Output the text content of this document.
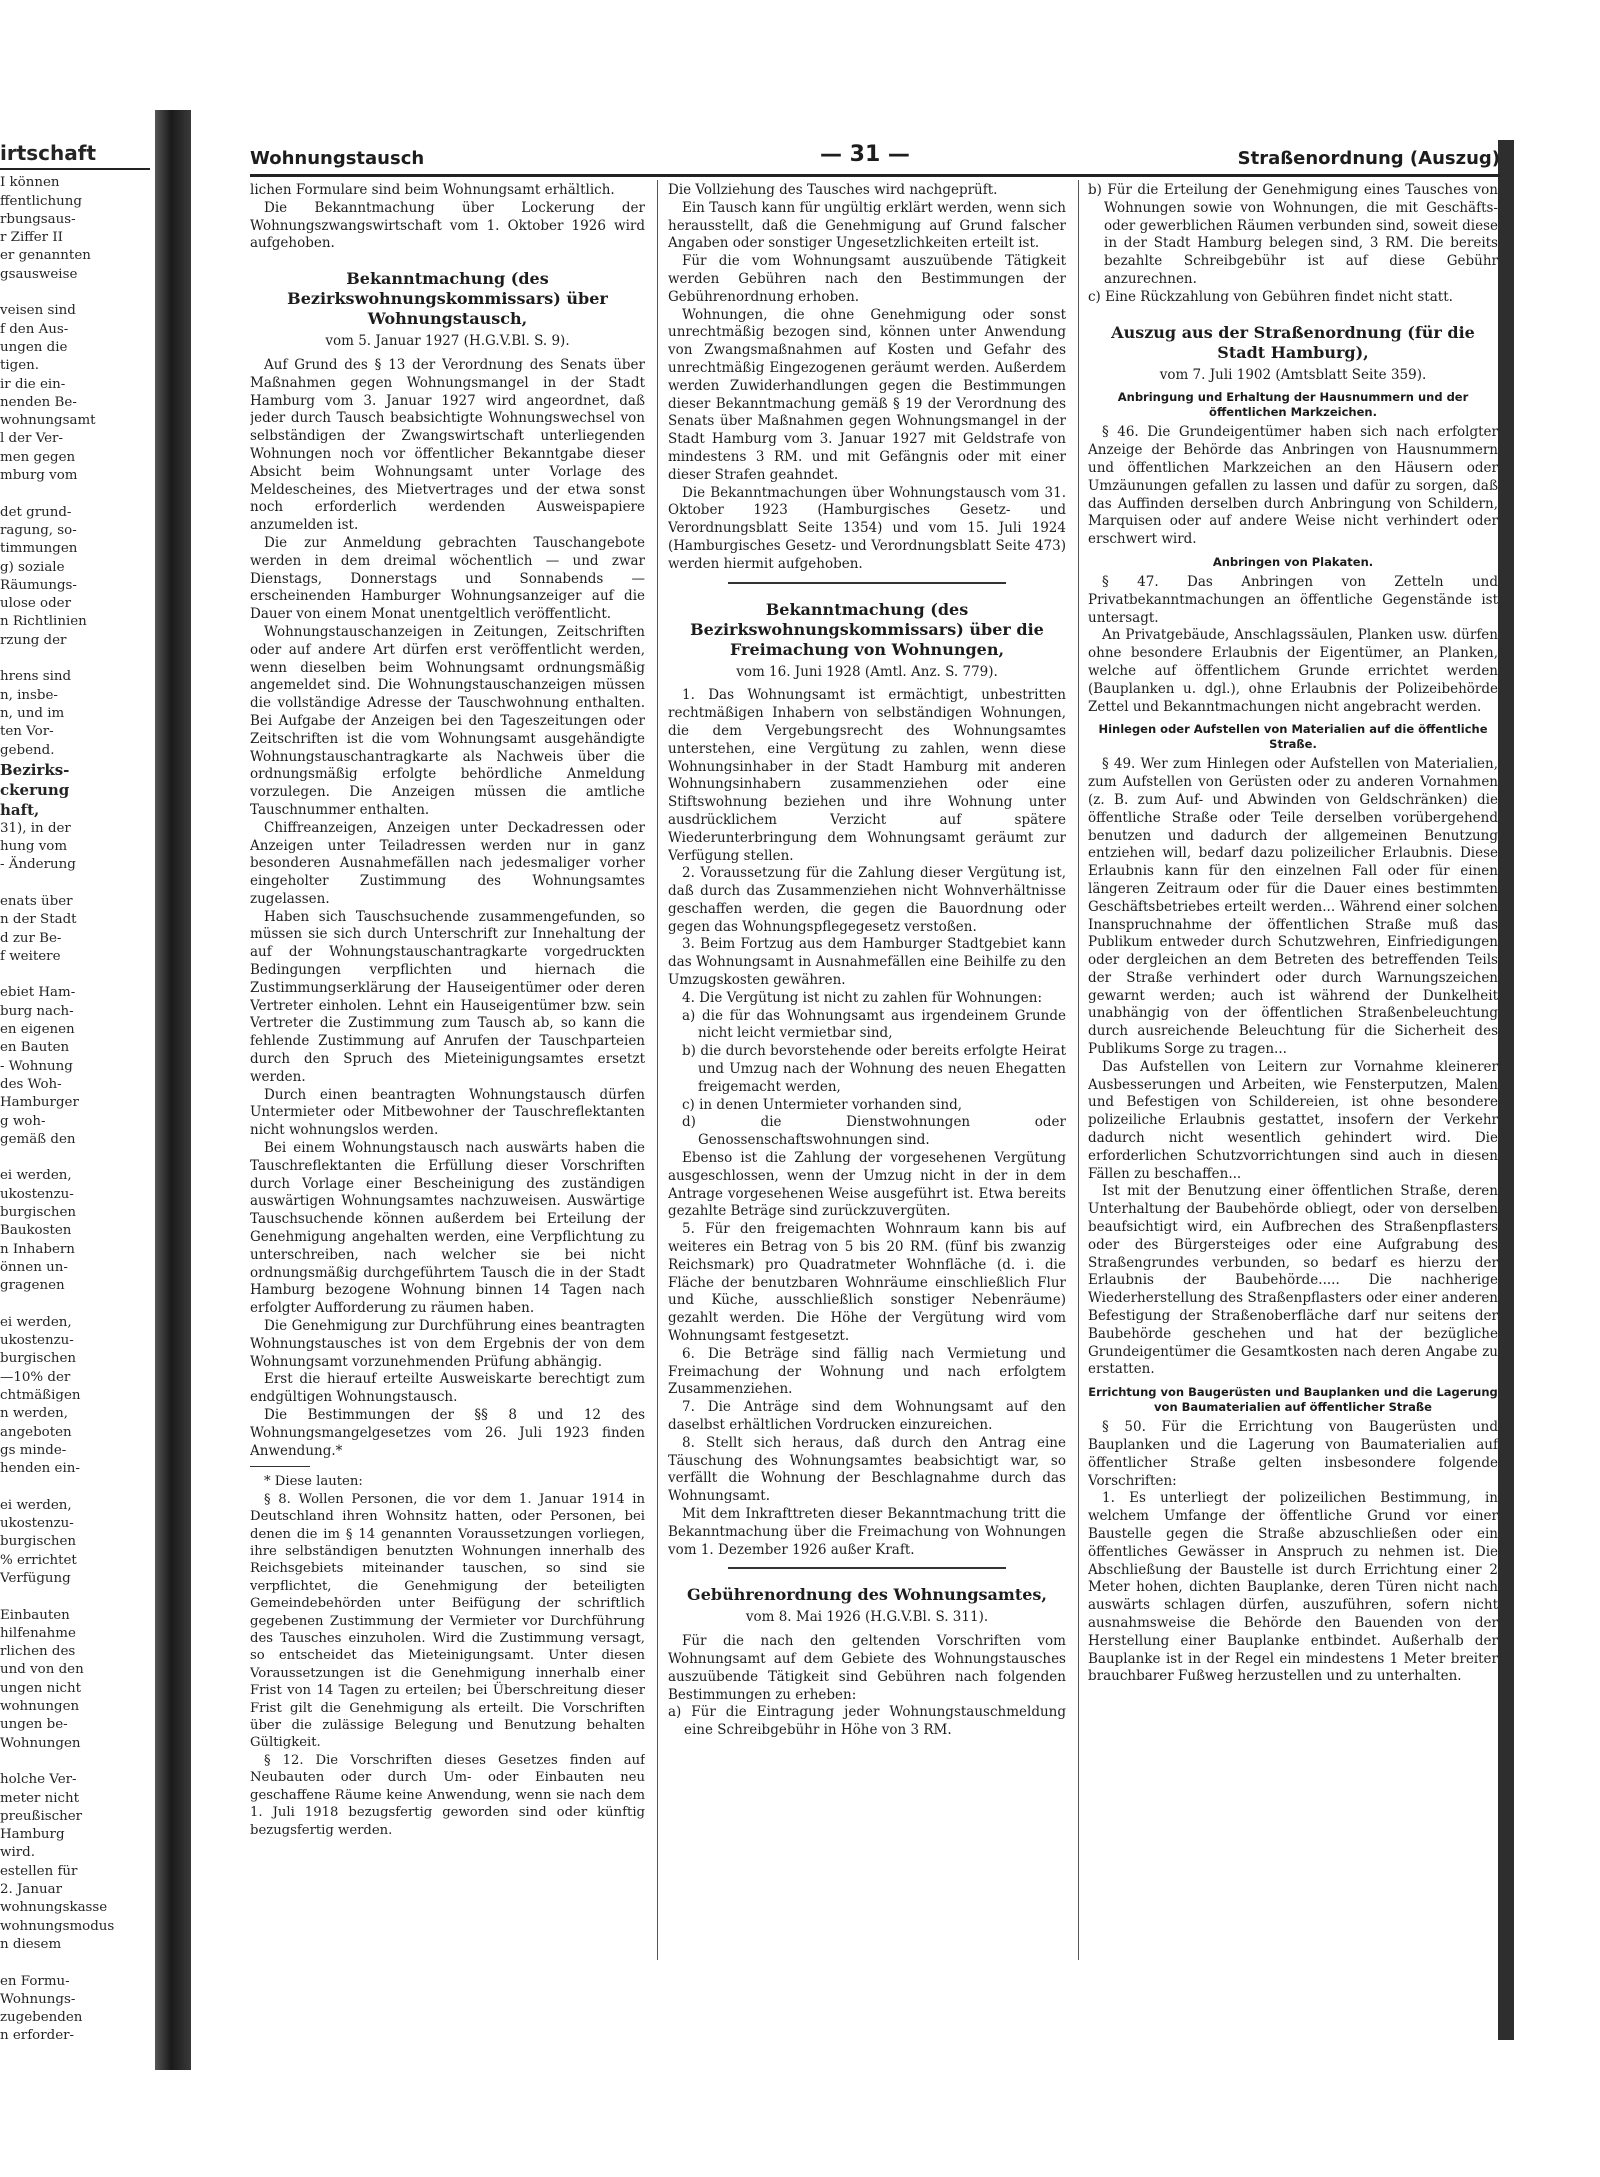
irtschaft
I können
ffentlichung
rbungsaus-
r Ziffer II
er genannten
gsausweise

veisen sind
f den Aus-
ungen die
tigen.
ir die ein-
nenden Be-
wohnungsamt
l der Ver-
men gegen
mburg vom

det grund-
ragung, so-
timmungen
g) soziale
Räumungs-
ulose oder
n Richtlinien
rzung der

hrens sind
n, insbe-
n, und im
ten Vor-
gebend.
Bezirks-
ckerung
haft,
31), in der
hung vom
- Änderung

enats über
n der Stadt
d zur Be-
f weitere

ebiet Ham-
burg nach-
en eigenen
en Bauten
- Wohnung
des Woh-
Hamburger
g woh-
gemäß den

ei werden,
ukostenzu-
burgischen
Baukosten
n Inhabern
önnen un-
gragenen

ei werden,
ukostenzu-
burgischen
—10% der
chtmäßigen
n werden,
angeboten
gs minde-
henden ein-

ei werden,
ukostenzu-
burgischen
% errichtet
Verfügung

Einbauten
hilfenahme
rlichen des
und von den
ungen nicht
wohnungen
ungen be-
Wohnungen

holche Ver-
meter nicht
preußischer
Hamburg
wird.
estellen für
2. Januar
wohnungskasse
wohnungsmodus
n diesem

en Formu-
Wohnungs-
zugebenden
n erforder-
Wohnungstausch	— 31 —	Straßenordnung (Auszug)

lichen Formulare sind beim Wohnungsamt erhältlich.

Die Bekanntmachung über Lockerung der Wohnungszwangswirtschaft vom 1. Oktober 1926 wird aufgehoben.

Bekanntmachung (des Bezirkswohnungskommissars) über Wohnungstausch,
vom 5. Januar 1927 (H.G.V.Bl. S. 9).

Auf Grund des § 13 der Verordnung des Senats über Maßnahmen gegen Wohnungsmangel in der Stadt Hamburg vom 3. Januar 1927 wird angeordnet, daß jeder durch Tausch beabsichtigte Wohnungswechsel von selbständigen der Zwangswirtschaft unterliegenden Wohnungen noch vor öffentlicher Bekanntgabe dieser Absicht beim Wohnungsamt unter Vorlage des Meldescheines, des Mietvertrages und der etwa sonst noch erforderlich werdenden Ausweispapiere anzumelden ist.

Die zur Anmeldung gebrachten Tauschangebote werden in dem dreimal wöchentlich — und zwar Dienstags, Donnerstags und Sonnabends — erscheinenden Hamburger Wohnungsanzeiger auf die Dauer von einem Monat unentgeltlich veröffentlicht.

Wohnungstauschanzeigen in Zeitungen, Zeitschriften oder auf andere Art dürfen erst veröffentlicht werden, wenn dieselben beim Wohnungsamt ordnungsmäßig angemeldet sind. Die Wohnungstauschanzeigen müssen die vollständige Adresse der Tauschwohnung enthalten. Bei Aufgabe der Anzeigen bei den Tageszeitungen oder Zeitschriften ist die vom Wohnungsamt ausgehändigte Wohnungstauschantragkarte als Nachweis über die ordnungsmäßig erfolgte behördliche Anmeldung vorzulegen. Die Anzeigen müssen die amtliche Tauschnummer enthalten.

Chiffreanzeigen, Anzeigen unter Deckadressen oder Anzeigen unter Teiladressen werden nur in ganz besonderen Ausnahmefällen nach jedesmaliger vorher eingeholter Zustimmung des Wohnungsamtes zugelassen.

Haben sich Tauschsuchende zusammengefunden, so müssen sie sich durch Unterschrift zur Innehaltung der auf der Wohnungstauschantragkarte vorgedruckten Bedingungen verpflichten und hiernach die Zustimmungserklärung der Hauseigentümer oder deren Vertreter einholen. Lehnt ein Hauseigentümer bzw. sein Vertreter die Zustimmung zum Tausch ab, so kann die fehlende Zustimmung auf Anrufen der Tauschparteien durch den Spruch des Mieteinigungsamtes ersetzt werden.

Durch einen beantragten Wohnungstausch dürfen Untermieter oder Mitbewohner der Tauschreflektanten nicht wohnungslos werden.

Bei einem Wohnungstausch nach auswärts haben die Tauschreflektanten die Erfüllung dieser Vorschriften durch Vorlage einer Bescheinigung des zuständigen auswärtigen Wohnungsamtes nachzuweisen. Auswärtige Tauschsuchende können außerdem bei Erteilung der Genehmigung angehalten werden, eine Verpflichtung zu unterschreiben, nach welcher sie bei nicht ordnungsmäßig durchgeführtem Tausch die in der Stadt Hamburg bezogene Wohnung binnen 14 Tagen nach erfolgter Aufforderung zu räumen haben.

Die Genehmigung zur Durchführung eines beantragten Wohnungstausches ist von dem Ergebnis der von dem Wohnungsamt vorzunehmenden Prüfung abhängig.

Erst die hierauf erteilte Ausweiskarte berechtigt zum endgültigen Wohnungstausch.

Die Bestimmungen der §§ 8 und 12 des Wohnungsmangelgesetzes vom 26. Juli 1923 finden Anwendung.*

* Diese lauten:

§ 8. Wollen Personen, die vor dem 1. Januar 1914 in Deutschland ihren Wohnsitz hatten, oder Personen, bei denen die im § 14 genannten Voraussetzungen vorliegen, ihre selbständigen benutzten Wohnungen innerhalb des Reichsgebiets miteinander tauschen, so sind sie verpflichtet, die Genehmigung der beteiligten Gemeindebehörden unter Beifügung der schriftlich gegebenen Zustimmung der Vermieter vor Durchführung des Tausches einzuholen. Wird die Zustimmung versagt, so entscheidet das Mieteinigungsamt. Unter diesen Voraussetzungen ist die Genehmigung innerhalb einer Frist von 14 Tagen zu erteilen; bei Überschreitung dieser Frist gilt die Genehmigung als erteilt. Die Vorschriften über die zulässige Belegung und Benutzung behalten Gültigkeit.

§ 12. Die Vorschriften dieses Gesetzes finden auf Neubauten oder durch Um- oder Einbauten neu geschaffene Räume keine Anwendung, wenn sie nach dem 1. Juli 1918 bezugsfertig geworden sind oder künftig bezugsfertig werden.

Die Vollziehung des Tausches wird nachgeprüft.

Ein Tausch kann für ungültig erklärt werden, wenn sich herausstellt, daß die Genehmigung auf Grund falscher Angaben oder sonstiger Ungesetzlichkeiten erteilt ist.

Für die vom Wohnungsamt auszuübende Tätigkeit werden Gebühren nach den Bestimmungen der Gebührenordnung erhoben.

Wohnungen, die ohne Genehmigung oder sonst unrechtmäßig bezogen sind, können unter Anwendung von Zwangsmaßnahmen auf Kosten und Gefahr des unrechtmäßig Eingezogenen geräumt werden. Außerdem werden Zuwiderhandlungen gegen die Bestimmungen dieser Bekanntmachung gemäß § 19 der Verordnung des Senats über Maßnahmen gegen Wohnungsmangel in der Stadt Hamburg vom 3. Januar 1927 mit Geldstrafe von mindestens 3 RM. und mit Gefängnis oder mit einer dieser Strafen geahndet.

Die Bekanntmachungen über Wohnungstausch vom 31. Oktober 1923 (Hamburgisches Gesetz- und Verordnungsblatt Seite 1354) und vom 15. Juli 1924 (Hamburgisches Gesetz- und Verordnungsblatt Seite 473) werden hiermit aufgehoben.

Bekanntmachung (des Bezirkswohnungskommissars) über die Freimachung von Wohnungen,
vom 16. Juni 1928 (Amtl. Anz. S. 779).

1. Das Wohnungsamt ist ermächtigt, unbestritten rechtmäßigen Inhabern von selbständigen Wohnungen, die dem Vergebungsrecht des Wohnungsamtes unterstehen, eine Vergütung zu zahlen, wenn diese Wohnungsinhaber in der Stadt Hamburg mit anderen Wohnungsinhabern zusammenziehen oder eine Stiftswohnung beziehen und ihre Wohnung unter ausdrücklichem Verzicht auf spätere Wiederunterbringung dem Wohnungsamt geräumt zur Verfügung stellen.

2. Voraussetzung für die Zahlung dieser Vergütung ist, daß durch das Zusammenziehen nicht Wohnverhältnisse geschaffen werden, die gegen die Bauordnung oder gegen das Wohnungspflegegesetz verstoßen.

3. Beim Fortzug aus dem Hamburger Stadtgebiet kann das Wohnungsamt in Ausnahmefällen eine Beihilfe zu den Umzugskosten gewähren.

4. Die Vergütung ist nicht zu zahlen für Wohnungen:

a) die für das Wohnungsamt aus irgendeinem Grunde nicht leicht vermietbar sind,
b) die durch bevorstehende oder bereits erfolgte Heirat und Umzug nach der Wohnung des neuen Ehegatten freigemacht werden,
c) in denen Untermieter vorhanden sind,
d) die Dienstwohnungen oder Genossenschaftswohnungen sind.

Ebenso ist die Zahlung der vorgesehenen Vergütung ausgeschlossen, wenn der Umzug nicht in der in dem Antrage vorgesehenen Weise ausgeführt ist. Etwa bereits gezahlte Beträge sind zurückzuvergüten.

5. Für den freigemachten Wohnraum kann bis auf weiteres ein Betrag von 5 bis 20 RM. (fünf bis zwanzig Reichsmark) pro Quadratmeter Wohnfläche (d. i. die Fläche der benutzbaren Wohnräume einschließlich Flur und Küche, ausschließlich sonstiger Nebenräume) gezahlt werden. Die Höhe der Vergütung wird vom Wohnungsamt festgesetzt.

6. Die Beträge sind fällig nach Vermietung und Freimachung der Wohnung und nach erfolgtem Zusammenziehen.

7. Die Anträge sind dem Wohnungsamt auf den daselbst erhältlichen Vordrucken einzureichen.

8. Stellt sich heraus, daß durch den Antrag eine Täuschung des Wohnungsamtes beabsichtigt war, so verfällt die Wohnung der Beschlagnahme durch das Wohnungsamt.

Mit dem Inkrafttreten dieser Bekanntmachung tritt die Bekanntmachung über die Freimachung von Wohnungen vom 1. Dezember 1926 außer Kraft.

Gebührenordnung des Wohnungsamtes,
vom 8. Mai 1926 (H.G.V.Bl. S. 311).

Für die nach den geltenden Vorschriften vom Wohnungsamt auf dem Gebiete des Wohnungstausches auszuübende Tätigkeit sind Gebühren nach folgenden Bestimmungen zu erheben:

a) Für die Eintragung jeder Wohnungstauschmeldung eine Schreibgebühr in Höhe von 3 RM.
b) Für die Erteilung der Genehmigung eines Tausches von Wohnungen sowie von Wohnungen, die mit Geschäfts- oder gewerblichen Räumen verbunden sind, soweit diese in der Stadt Hamburg belegen sind, 3 RM. Die bereits bezahlte Schreibgebühr ist auf diese Gebühr anzurechnen.
c) Eine Rückzahlung von Gebühren findet nicht statt.
Auszug aus der Straßenordnung (für die Stadt Hamburg),
vom 7. Juli 1902 (Amtsblatt Seite 359).
Anbringung und Erhaltung der Hausnummern und der öffentlichen Markzeichen.

§ 46. Die Grundeigentümer haben sich nach erfolgter Anzeige der Behörde das Anbringen von Hausnummern und öffentlichen Markzeichen an den Häusern oder Umzäunungen gefallen zu lassen und dafür zu sorgen, daß das Auffinden derselben durch Anbringung von Schildern, Marquisen oder auf andere Weise nicht verhindert oder erschwert wird.

Anbringen von Plakaten.

§ 47. Das Anbringen von Zetteln und Privatbekanntmachungen an öffentliche Gegenstände ist untersagt.

An Privatgebäude, Anschlagssäulen, Planken usw. dürfen ohne besondere Erlaubnis der Eigentümer, an Planken, welche auf öffentlichem Grunde errichtet werden (Bauplanken u. dgl.), ohne Erlaubnis der Polizeibehörde Zettel und Bekanntmachungen nicht angebracht werden.

Hinlegen oder Aufstellen von Materialien auf die öffentliche Straße.

§ 49. Wer zum Hinlegen oder Aufstellen von Materialien, zum Aufstellen von Gerüsten oder zu anderen Vornahmen (z. B. zum Auf- und Abwinden von Geldschränken) die öffentliche Straße oder Teile derselben vorübergehend benutzen und dadurch der allgemeinen Benutzung entziehen will, bedarf dazu polizeilicher Erlaubnis. Diese Erlaubnis kann für den einzelnen Fall oder für einen längeren Zeitraum oder für die Dauer eines bestimmten Geschäftsbetriebes erteilt werden... Während einer solchen Inanspruchnahme der öffentlichen Straße muß das Publikum entweder durch Schutzwehren, Einfriedigungen oder dergleichen an dem Betreten des betreffenden Teils der Straße verhindert oder durch Warnungszeichen gewarnt werden; auch ist während der Dunkelheit unabhängig von der öffentlichen Straßenbeleuchtung durch ausreichende Beleuchtung für die Sicherheit des Publikums Sorge zu tragen...

Das Aufstellen von Leitern zur Vornahme kleinerer Ausbesserungen und Arbeiten, wie Fensterputzen, Malen und Befestigen von Schildereien, ist ohne besondere polizeiliche Erlaubnis gestattet, insofern der Verkehr dadurch nicht wesentlich gehindert wird. Die erforderlichen Schutzvorrichtungen sind auch in diesen Fällen zu beschaffen...

Ist mit der Benutzung einer öffentlichen Straße, deren Unterhaltung der Baubehörde obliegt, oder von derselben beaufsichtigt wird, ein Aufbrechen des Straßenpflasters oder des Bürgersteiges oder eine Aufgrabung des Straßengrundes verbunden, so bedarf es hierzu der Erlaubnis der Baubehörde..... Die nachherige Wiederherstellung des Straßenpflasters oder einer anderen Befestigung der Straßenoberfläche darf nur seitens der Baubehörde geschehen und hat der bezügliche Grundeigentümer die Gesamtkosten nach deren Angabe zu erstatten.

Errichtung von Baugerüsten und Bauplanken und die Lagerung von Baumaterialien auf öffentlicher Straße

§ 50. Für die Errichtung von Baugerüsten und Bauplanken und die Lagerung von Baumaterialien auf öffentlicher Straße gelten insbesondere folgende Vorschriften:

1. Es unterliegt der polizeilichen Bestimmung, in welchem Umfange der öffentliche Grund vor einer Baustelle gegen die Straße abzuschließen oder ein öffentliches Gewässer in Anspruch zu nehmen ist. Die Abschließung der Baustelle ist durch Errichtung einer 2 Meter hohen, dichten Bauplanke, deren Türen nicht nach auswärts schlagen dürfen, auszuführen, sofern nicht ausnahmsweise die Behörde den Bauenden von der Herstellung einer Bauplanke entbindet. Außerhalb der Bauplanke ist in der Regel ein mindestens 1 Meter breiter brauchbarer Fußweg herzustellen und zu unterhalten.
